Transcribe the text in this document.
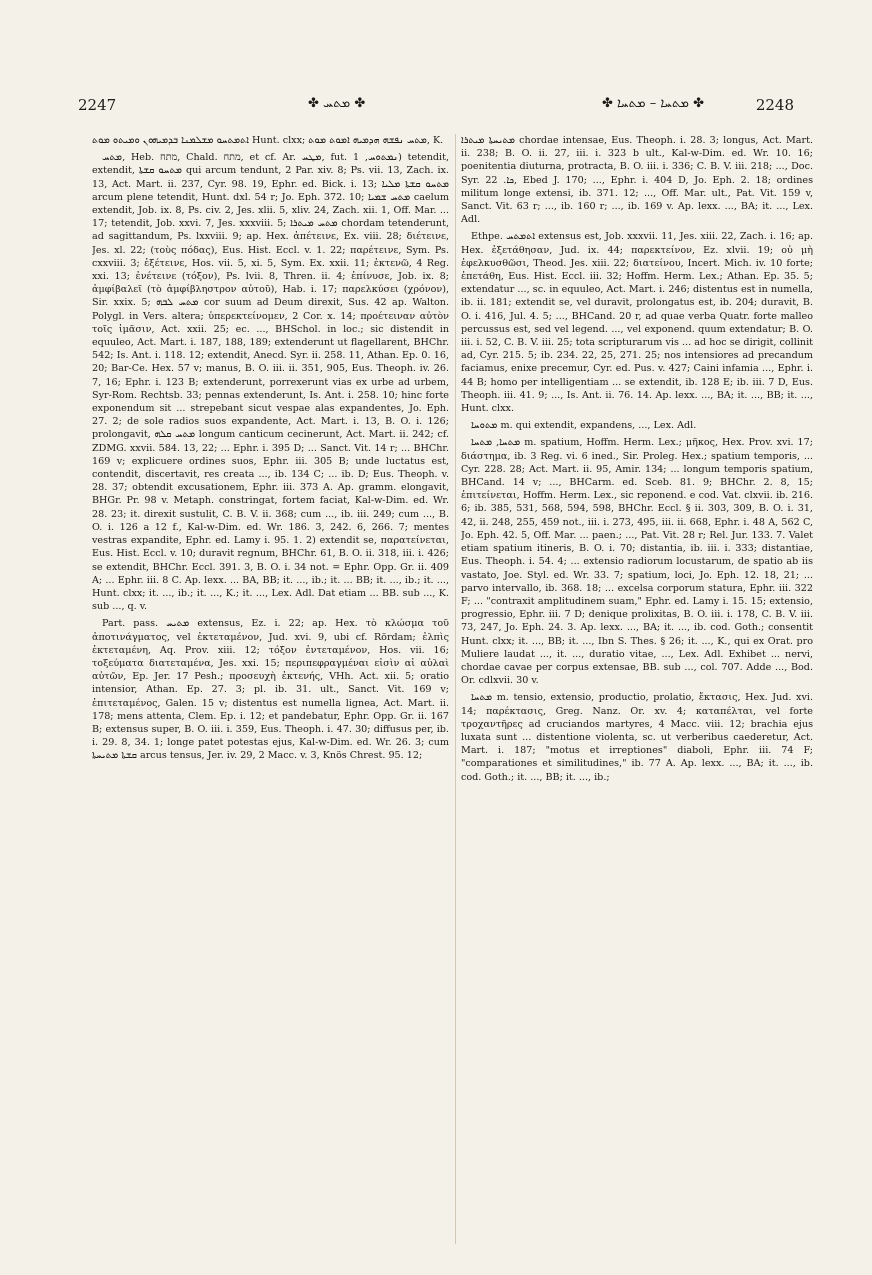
2247	✤ ܡܬܚ ✤	✤ ܡܬܚܐ – ܡܬܚܐ ✤	2248

ܐܬܡܬܚܘ ܡܫܠܡܢܐ ܒܕܡܝܗܘܢ ܘܡܝܬܘ ܡܘܬ Hunt. clxx; ܡܬܚ ܢܦܫܗ ܗܕܡܝܗ ܐܡܘܬ ܡܘܬ, K.

ܡܬܚ, Heb. מתח, Chald. מתח, et cf. Ar. ܡܛܚ, fut. ܢܡܬܘܚ, 1) tetendit, extendit, ܡܬܚܘ ܩܫܬܐ qui arcum tendunt, 2 Par. xiv. 8; Ps. vii. 13, Zach. ix. 13, Act. Mart. ii. 237, Cyr. 98. 19, Ephr. ed. Bick. i. 13; ܡܬܚܘ ܩܫܬܐ ܡܠܝܐ arcum plene tetendit, Hunt. dxl. 54 r; Jo. Eph. 372. 10; ܡܬܚ ܫܡܝܐ caelum extendit, Job. ix. 8, Ps. civ. 2, Jes. xlii. 5, xliv. 24, Zach. xii. 1, Off. Mar. ... 17; tetendit, Job. xxvi. 7, Jes. xxxviii. 5; ܡܬܚ ܡܝܬܪܐ chordam tetenderunt, ad sagittandum, Ps. lxxviii. 9; ap. Hex. ἀπέτεινε, Ex. viii. 28; διέτεινε, Jes. xl. 22; (τοὺς πόδας), Eus. Hist. Eccl. v. 1. 22; παρέτεινε, Sym. Ps. cxxviii. 3; ἐξέτεινε, Hos. vii. 5, xi. 5, Sym. Ex. xxii. 11; ἐκτενῶ, 4 Reg. xxi. 13; ἐνέτεινε (τόξον), Ps. lvii. 8, Thren. ii. 4; ἐπίνυσε, Job. ix. 8; ἀμφίβαλεῖ (τὸ ἀμφίβληστρον αὐτοῦ), Hab. i. 17; παρελκύσει (χρόνον), Sir. xxix. 5; ܡܬܚ ܠܒܗ cor suum ad Deum direxit, Sus. 42 ap. Walton. Polygl. in Vers. altera; ὑπερεκτείνομεν, 2 Cor. x. 14; προέτειναν αὐτὸν τοῖς ἱμᾶσιν, Act. xxii. 25; ec. ..., BHSchol. in loc.; sic distendit in equuleo, Act. Mart. i. 187, 188, 189; extenderunt ut flagellarent, BHChr. 542; Is. Ant. i. 118. 12; extendit, Anecd. Syr. ii. 258. 11, Athan. Ep. 0. 16, 20; Bar-Ce. Hex. 57 v; manus, B. O. iii. ii. 351, 905, Eus. Theoph. iv. 26. 7, 16; Ephr. i. 123 B; extenderunt, porrexerunt vias ex urbe ad urbem, Syr-Rom. Rechtsb. 33; pennas extenderunt, Is. Ant. i. 258. 10; hinc forte exponendum sit ... strepebant sicut vespae alas expandentes, Jo. Eph. 27. 2; de sole radios suos expandente, Act. Mart. i. 13, B. O. i. 126; prolongavit, ܡܬܚ ܩܠܗ longum canticum cecinerunt, Act. Mart. ii. 242; cf. ZDMG. xxvii. 584. 13, 22; ... Ephr. i. 395 D; ... Sanct. Vit. 14 r; ... BHChr. 169 v; explicuere ordines suos, Ephr. iii. 305 B; unde luctatus est, contendit, discertavit, res creata ..., ib. 134 C; ... ib. D; Eus. Theoph. v. 28. 37; obtendit excusationem, Ephr. iii. 373 A. Ap. gramm. elongavit, BHGr. Pr. 98 v. Metaph. constringat, fortem faciat, Kal-w-Dim. ed. Wr. 28. 23; it. direxit sustulit, C. B. V. ii. 368; cum ..., ib. iii. 249; cum ..., B. O. i. 126 a 12 f., Kal-w-Dim. ed. Wr. 186. 3, 242. 6, 266. 7; mentes vestras expandite, Ephr. ed. Lamy i. 95. 1. 2) extendit se, παρατείνεται, Eus. Hist. Eccl. v. 10; duravit regnum, BHChr. 61, B. O. ii. 318, iii. i. 426; se extendit, BHChr. Eccl. 391. 3, B. O. i. 34 not. = Ephr. Opp. Gr. ii. 409 A; ... Ephr. iii. 8 C. Ap. lexx. ... BA, BB; it. ..., ib.; it. ... BB; it. ..., ib.; it. ..., Hunt. clxx; it. ..., ib.; it. ..., K.; it. ..., Lex. Adl. Dat etiam ... BB. sub ..., K. sub ..., q. v.

Part. pass. ܡܬܝܚ extensus, Ez. i. 22; ap. Hex. τὸ κλώσμα τοῦ ἀποτινάγματος, vel ἐκτεταμένον, Jud. xvi. 9, ubi cf. Rördam; ἐλπὶς ἐκτεταμένη, Aq. Prov. xiii. 12; τόξον ἐντεταμένον, Hos. vii. 16; τοξεύματα διατεταμένα, Jes. xxi. 15; περιπεφραγμέναι εἰσὶν αἱ αὐλαὶ αὐτῶν, Ep. Jer. 17 Pesh.; προσευχὴ ἐκτενής, VHh. Act. xii. 5; oratio intensior, Athan. Ep. 27. 3; pl. ib. 31. ult., Sanct. Vit. 169 v; ἐπιτεταμένος, Galen. 15 v; distentus est numella lignea, Act. Mart. ii. 178; mens attenta, Clem. Ep. i. 12; et pandebatur, Ephr. Opp. Gr. ii. 167 B; extensus super, B. O. iii. i. 359, Eus. Theoph. i. 47. 30; diffusus per, ib. i. 29. 8, 34. 1; longe patet potestas ejus, Kal-w-Dim. ed. Wr. 26. 3; cum ܩܫܬܐ ܡܬܝܚܬܐ arcus tensus, Jer. iv. 29, 2 Macc. v. 3, Knös Chrest. 95. 12;

ܡܬܝܚܬܐ ܡܝܬܪܐ chordae intensae, Eus. Theoph. i. 28. 3; longus, Act. Mart. ii. 238; B. O. ii. 27, iii. i. 323 b ult., Kal-w-Dim. ed. Wr. 10. 16; poenitentia diuturna, protracta, B. O. iii. i. 336; C. B. V. iii. 218; ..., Doc. Syr. ܟܐ. 22, Ebed J. 170; ..., Ephr. i. 404 D, Jo. Eph. 2. 18; ordines militum longe extensi, ib. 371. 12; ..., Off. Mar. ult., Pat. Vit. 159 v, Sanct. Vit. 63 r; ..., ib. 160 r; ..., ib. 169 v. Ap. lexx. ..., BA; it. ..., Lex. Adl.

Ethpe. ܐܬܡܬܚ extensus est, Job. xxxvii. 11, Jes. xiii. 22, Zach. i. 16; ap. Hex. ἐξετάθησαν, Jud. ix. 44; παρεκτείνον, Ez. xlvii. 19; οὐ μὴ ἐφελκυσθῶσι, Theod. Jes. xiii. 22; διατείνου, Incert. Mich. iv. 10 forte; ἐπετάθη, Eus. Hist. Eccl. iii. 32; Hoffm. Herm. Lex.; Athan. Ep. 35. 5; extendatur ..., sc. in equuleo, Act. Mart. i. 246; distentus est in numella, ib. ii. 181; extendit se, vel duravit, prolongatus est, ib. 204; duravit, B. O. i. 416, Jul. 4. 5; ..., BHCand. 20 r, ad quae verba Quatr. forte malleo percussus est, sed vel legend. ..., vel exponend. quum extendatur; B. O. iii. i. 52, C. B. V. iii. 25; tota scripturarum vis ... ad hoc se dirigit, collinit ad, Cyr. 215. 5; ib. 234. 22, 25, 271. 25; nos intensiores ad precandum faciamus, enixe precemur, Cyr. ed. Pus. v. 427; Caini infamia ..., Ephr. i. 44 B; homo per intelligentiam ... se extendit, ib. 128 E; ib. iii. 7 D, Eus. Theoph. iii. 41. 9; ..., Is. Ant. ii. 76. 14. Ap. lexx. ..., BA; it. ..., BB; it. ..., Hunt. clxx.

ܡܬܘܚܐ m. qui extendit, expandens, ..., Lex. Adl.

ܡܬܚܐ, ܡܬܚܐ m. spatium, Hoffm. Herm. Lex.; μῆκος, Hex. Prov. xvi. 17; διάστημα, ib. 3 Reg. vi. 6 ined., Sir. Proleg. Hex.; spatium temporis, ... Cyr. 228. 28; Act. Mart. ii. 95, Amir. 134; ... longum temporis spatium, BHCand. 14 v; ..., BHCarm. ed. Sceb. 81. 9; BHChr. 2. 8, 15; ἐπιτείνεται, Hoffm. Herm. Lex., sic reponend. e cod. Vat. clxvii. ib. 216. 6; ib. 385, 531, 568, 594, 598, BHChr. Eccl. § ii. 303, 309, B. O. i. 31, 42, ii. 248, 255, 459 not., iii. i. 273, 495, iii. ii. 668, Ephr. i. 48 A, 562 C, Jo. Eph. 42. 5, Off. Mar. ... paen.; ..., Pat. Vit. 28 r; Rel. Jur. 133. 7. Valet etiam spatium itineris, B. O. i. 70; distantia, ib. iii. i. 333; distantiae, Eus. Theoph. i. 54. 4; ... extensio radiorum locustarum, de spatio ab iis vastato, Joe. Styl. ed. Wr. 33. 7; spatium, loci, Jo. Eph. 12. 18, 21; ... parvo intervallo, ib. 368. 18; ... excelsa corporum statura, Ephr. iii. 322 F; ... "contraxit amplitudinem suam," Ephr. ed. Lamy i. 15. 15; extensio, progressio, Ephr. iii. 7 D; denique prolixitas, B. O. iii. i. 178, C. B. V. iii. 73, 247, Jo. Eph. 24. 3. Ap. lexx. ..., BA; it. ..., ib. cod. Goth.; consentit Hunt. clxx; it. ..., BB; it. ..., Ibn S. Thes. § 26; it. ..., K., qui ex Orat. pro Muliere laudat ..., it. ..., duratio vitae, ..., Lex. Adl. Exhibet ... nervi, chordae cavae per corpus extensae, BB. sub ..., col. 707. Adde ..., Bod. Or. cdlxvii. 30 v.

ܡܬܚܐ m. tensio, extensio, productio, prolatio, ἔκτασις, Hex. Jud. xvi. 14; παρέκτασις, Greg. Nanz. Or. xv. 4; καταπέλται, vel forte τροχαντῆρες ad cruciandos martyres, 4 Macc. viii. 12; brachia ejus luxata sunt ... distentione violenta, sc. ut verberibus caederetur, Act. Mart. i. 187; "motus et irreptiones" diaboli, Ephr. iii. 74 F; "comparationes et similitudines," ib. 77 A. Ap. lexx. ..., BA; it. ..., ib. cod. Goth.; it. ..., BB; it. ..., ib.;
